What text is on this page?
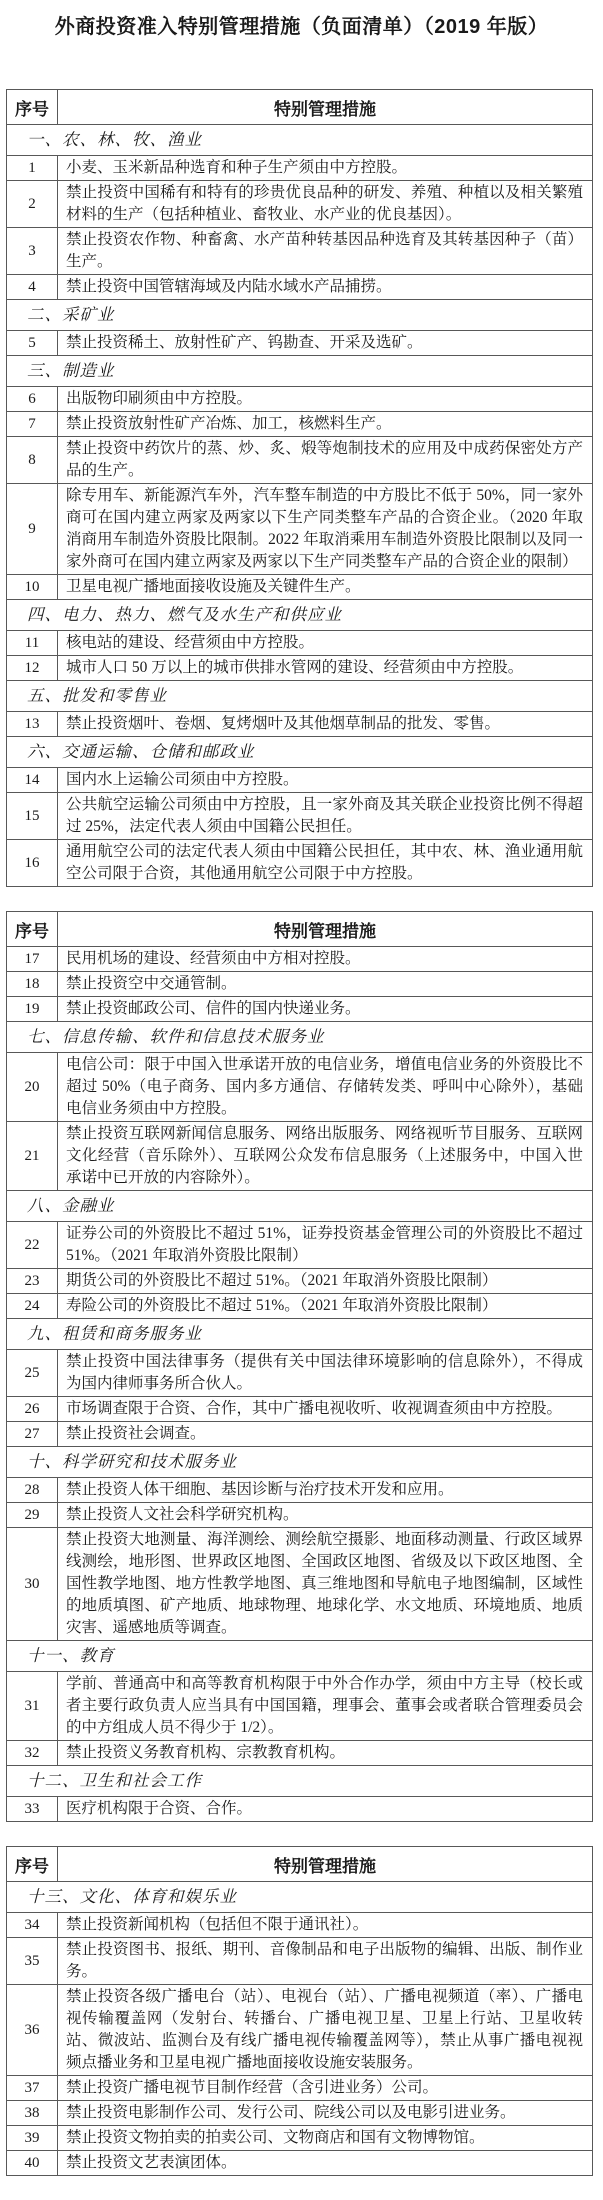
外商投资准入特别管理措施（负面清单）（2019 年版）
序号	特别管理措施
一、农、林、牧、渔业	
1	小麦、玉米新品种选育和种子生产须由中方控股。
2	禁止投资中国稀有和特有的珍贵优良品种的研发、养殖、种植以及相关繁殖材料的生产（包括种植业、畜牧业、水产业的优良基因）。
3	禁止投资农作物、种畜禽、水产苗种转基因品种选育及其转基因种子（苗）生产。
4	禁止投资中国管辖海域及内陆水域水产品捕捞。
二、采矿业	
5	禁止投资稀土、放射性矿产、钨勘查、开采及选矿。
三、制造业	
6	出版物印刷须由中方控股。
7	禁止投资放射性矿产冶炼、加工，核燃料生产。
8	禁止投资中药饮片的蒸、炒、炙、煅等炮制技术的应用及中成药保密处方产品的生产。
9	除专用车、新能源汽车外，汽车整车制造的中方股比不低于 50%，同一家外商可在国内建立两家及两家以下生产同类整车产品的合资企业。（2020 年取消商用车制造外资股比限制。2022 年取消乘用车制造外资股比限制以及同一家外商可在国内建立两家及两家以下生产同类整车产品的合资企业的限制）
10	卫星电视广播地面接收设施及关键件生产。
四、电力、热力、燃气及水生产和供应业	
11	核电站的建设、经营须由中方控股。
12	城市人口 50 万以上的城市供排水管网的建设、经营须由中方控股。
五、批发和零售业	
13	禁止投资烟叶、卷烟、复烤烟叶及其他烟草制品的批发、零售。
六、交通运输、仓储和邮政业	
14	国内水上运输公司须由中方控股。
15	公共航空运输公司须由中方控股，且一家外商及其关联企业投资比例不得超过 25%，法定代表人须由中国籍公民担任。
16	通用航空公司的法定代表人须由中国籍公民担任，其中农、林、渔业通用航空公司限于合资，其他通用航空公司限于中方控股。
序号	特别管理措施
17	民用机场的建设、经营须由中方相对控股。
18	禁止投资空中交通管制。
19	禁止投资邮政公司、信件的国内快递业务。
七、信息传输、软件和信息技术服务业	
20	电信公司：限于中国入世承诺开放的电信业务，增值电信业务的外资股比不超过 50%（电子商务、国内多方通信、存储转发类、呼叫中心除外），基础电信业务须由中方控股。
21	禁止投资互联网新闻信息服务、网络出版服务、网络视听节目服务、互联网文化经营（音乐除外）、互联网公众发布信息服务（上述服务中，中国入世承诺中已开放的内容除外）。
八、金融业	
22	证券公司的外资股比不超过 51%，证券投资基金管理公司的外资股比不超过 51%。（2021 年取消外资股比限制）
23	期货公司的外资股比不超过 51%。（2021 年取消外资股比限制）
24	寿险公司的外资股比不超过 51%。（2021 年取消外资股比限制）
九、租赁和商务服务业	
25	禁止投资中国法律事务（提供有关中国法律环境影响的信息除外），不得成为国内律师事务所合伙人。
26	市场调查限于合资、合作，其中广播电视收听、收视调查须由中方控股。
27	禁止投资社会调查。
十、科学研究和技术服务业	
28	禁止投资人体干细胞、基因诊断与治疗技术开发和应用。
29	禁止投资人文社会科学研究机构。
30	禁止投资大地测量、海洋测绘、测绘航空摄影、地面移动测量、行政区域界线测绘，地形图、世界政区地图、全国政区地图、省级及以下政区地图、全国性教学地图、地方性教学地图、真三维地图和导航电子地图编制，区域性的地质填图、矿产地质、地球物理、地球化学、水文地质、环境地质、地质灾害、遥感地质等调查。
十一、教育	
31	学前、普通高中和高等教育机构限于中外合作办学，须由中方主导（校长或者主要行政负责人应当具有中国国籍，理事会、董事会或者联合管理委员会的中方组成人员不得少于 1/2）。
32	禁止投资义务教育机构、宗教教育机构。
十二、卫生和社会工作	
33	医疗机构限于合资、合作。
序号	特别管理措施
十三、文化、体育和娱乐业	
34	禁止投资新闻机构（包括但不限于通讯社）。
35	禁止投资图书、报纸、期刊、音像制品和电子出版物的编辑、出版、制作业务。
36	禁止投资各级广播电台（站）、电视台（站）、广播电视频道（率）、广播电视传输覆盖网（发射台、转播台、广播电视卫星、卫星上行站、卫星收转站、微波站、监测台及有线广播电视传输覆盖网等），禁止从事广播电视视频点播业务和卫星电视广播地面接收设施安装服务。
37	禁止投资广播电视节目制作经营（含引进业务）公司。
38	禁止投资电影制作公司、发行公司、院线公司以及电影引进业务。
39	禁止投资文物拍卖的拍卖公司、文物商店和国有文物博物馆。
40	禁止投资文艺表演团体。
